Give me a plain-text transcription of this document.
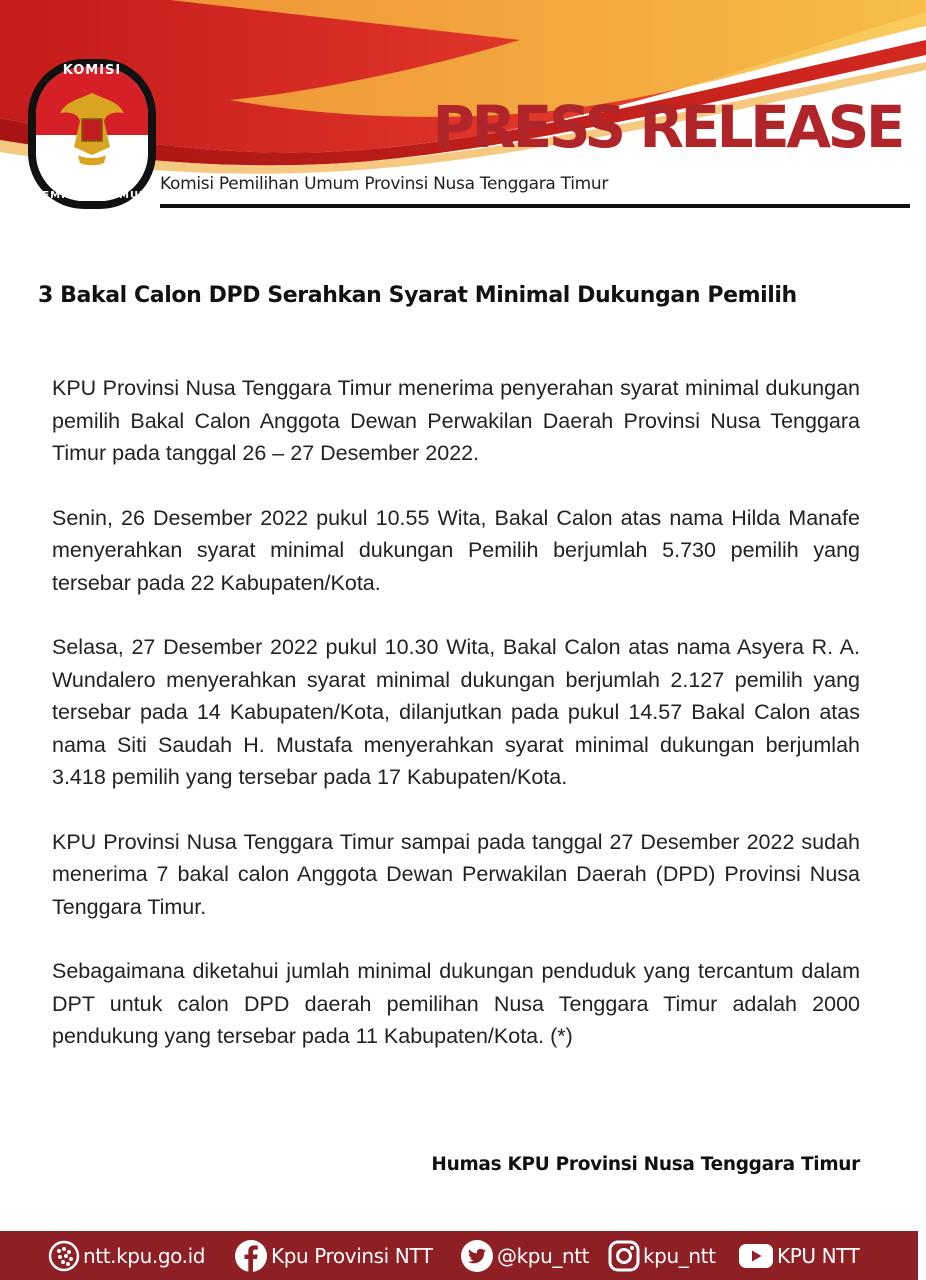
KOMISI
PEMILIHAN UMUM
PRESS RELEASE
Komisi Pemilihan Umum Provinsi Nusa Tenggara Timur
3 Bakal Calon DPD Serahkan Syarat Minimal Dukungan Pemilih

KPU Provinsi Nusa Tenggara Timur menerima penyerahan syarat minimal dukungan pemilih Bakal Calon Anggota Dewan Perwakilan Daerah Provinsi Nusa Tenggara Timur pada tanggal 26 – 27 Desember 2022.

Senin, 26 Desember 2022 pukul 10.55 Wita, Bakal Calon atas nama Hilda Manafe menyerahkan syarat minimal dukungan Pemilih berjumlah 5.730 pemilih yang tersebar pada 22 Kabupaten/Kota.

Selasa, 27 Desember 2022 pukul 10.30 Wita, Bakal Calon atas nama Asyera R. A. Wundalero menyerahkan syarat minimal dukungan berjumlah 2.127 pemilih yang tersebar pada 14 Kabupaten/Kota, dilanjutkan pada pukul 14.57 Bakal Calon atas nama Siti Saudah H. Mustafa menyerahkan syarat minimal dukungan berjumlah 3.418 pemilih yang tersebar pada 17 Kabupaten/Kota.

KPU Provinsi Nusa Tenggara Timur sampai pada tanggal 27 Desember 2022 sudah menerima 7 bakal calon Anggota Dewan Perwakilan Daerah (DPD) Provinsi Nusa Tenggara Timur.

Sebagaimana diketahui jumlah minimal dukungan penduduk yang tercantum dalam DPT untuk calon DPD daerah pemilihan Nusa Tenggara Timur adalah 2000 pendukung yang tersebar pada 11 Kabupaten/Kota. (*)

Humas KPU Provinsi Nusa Tenggara Timur

ntt.kpu.go.id	Kpu Provinsi NTT	@kpu_ntt	kpu_ntt	KPU NTT
